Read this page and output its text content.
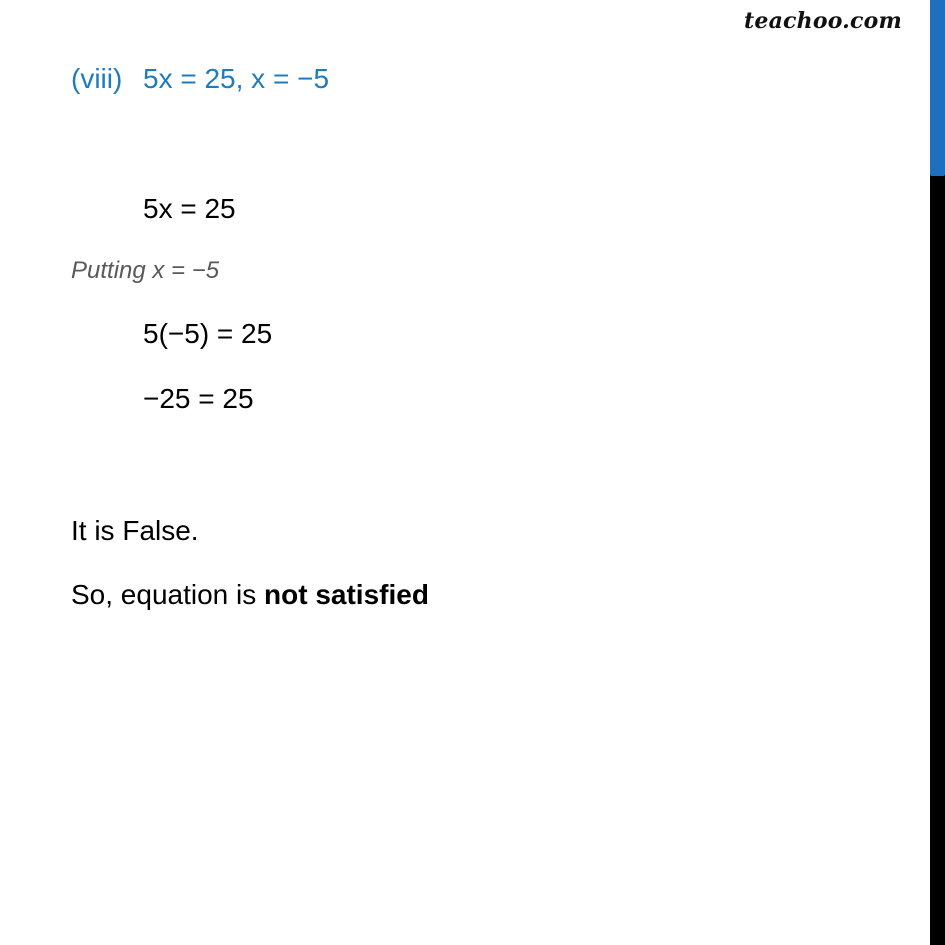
teachoo.com
(viii) 5x = 25, x = −5
5x = 25
Putting x = −5
5(−5) = 25
−25 = 25
It is False.
So, equation is not satisfied
